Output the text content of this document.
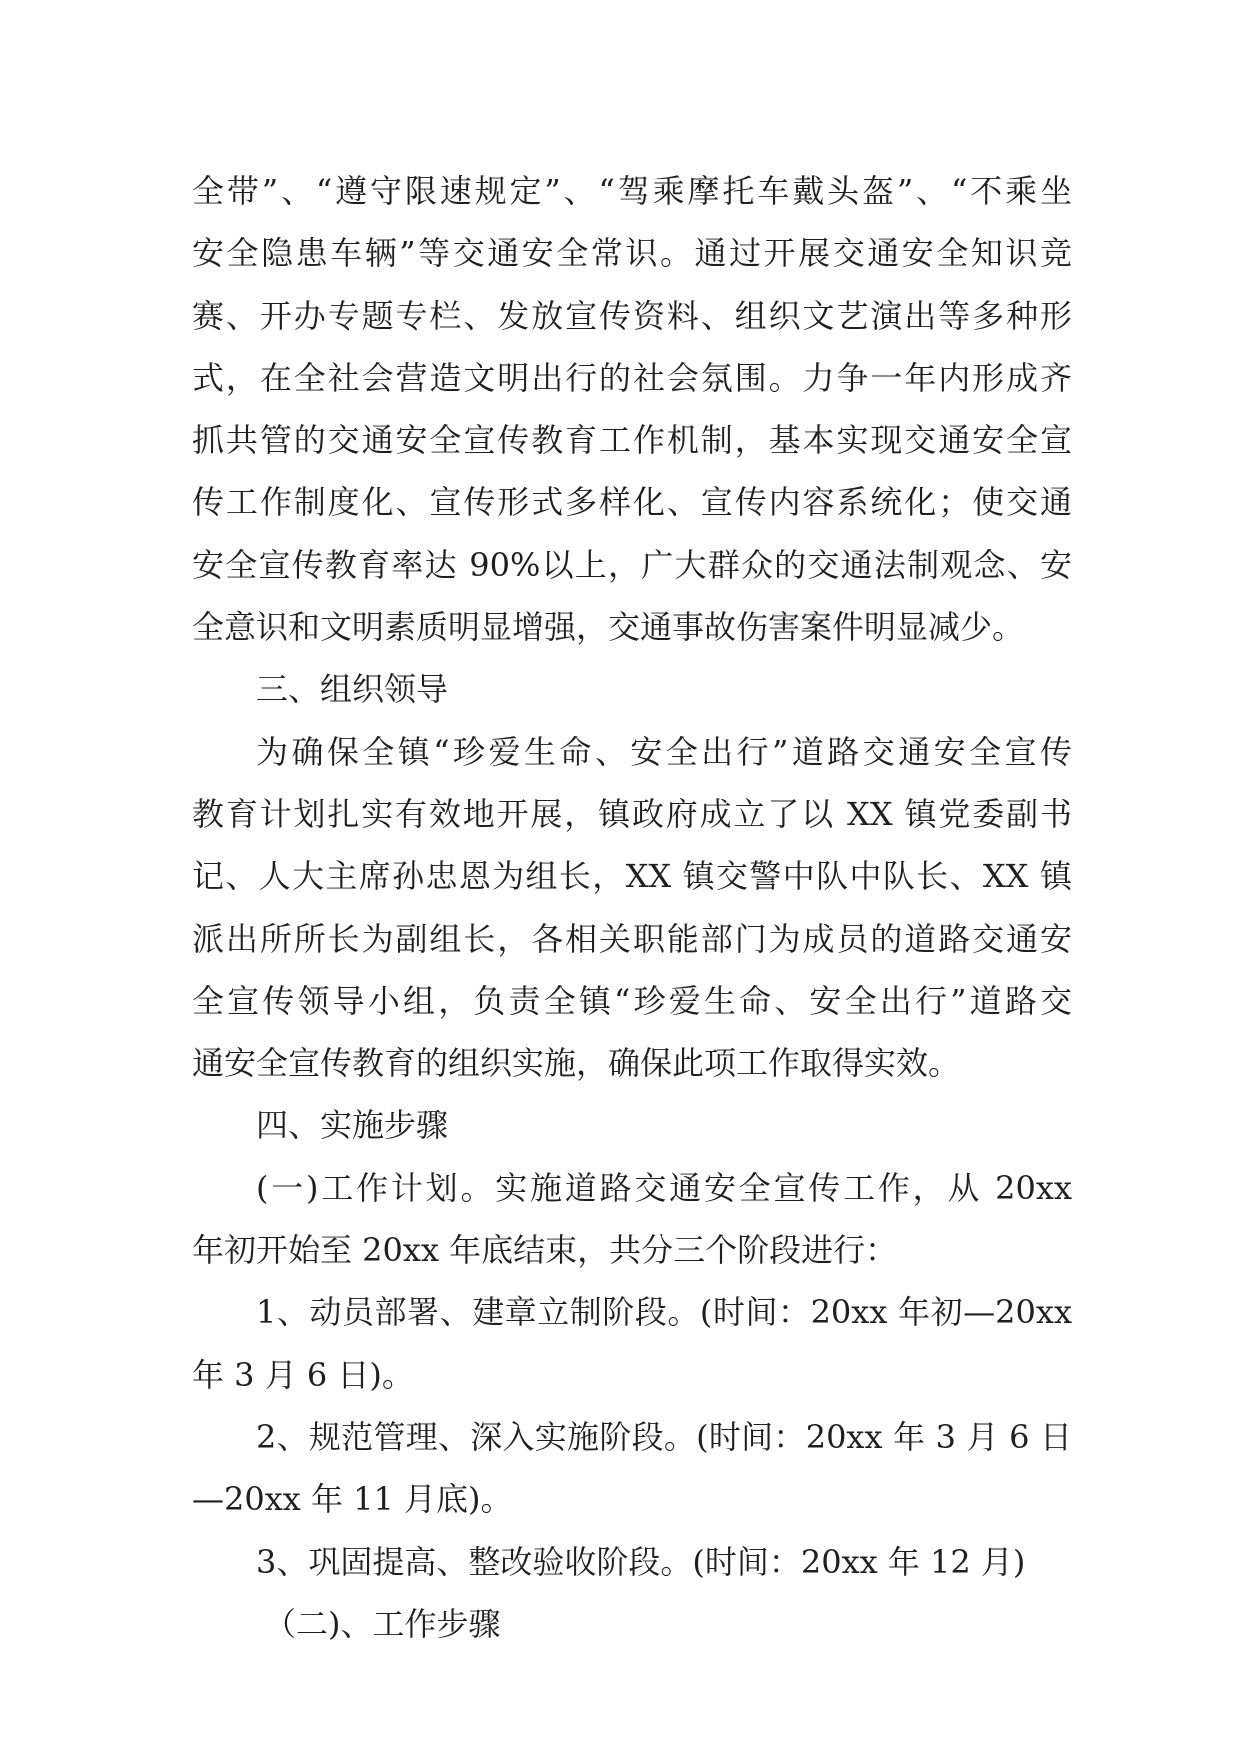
全带”、“遵守限速规定”、“驾乘摩托车戴头盔”、“不乘坐
安全隐患车辆”等交通安全常识。通过开展交通安全知识竞
赛、开办专题专栏、发放宣传资料、组织文艺演出等多种形
式，在全社会营造文明出行的社会氛围。力争一年内形成齐
抓共管的交通安全宣传教育工作机制，基本实现交通安全宣
传工作制度化、宣传形式多样化、宣传内容系统化；使交通
安全宣传教育率达 90%以上，广大群众的交通法制观念、安
全意识和文明素质明显增强，交通事故伤害案件明显减少。
三、组织领导
为确保全镇“珍爱生命、安全出行”道路交通安全宣传
教育计划扎实有效地开展，镇政府成立了以 XX 镇党委副书
记、人大主席孙忠恩为组长，XX 镇交警中队中队长、XX 镇
派出所所长为副组长，各相关职能部门为成员的道路交通安
全宣传领导小组，负责全镇“珍爱生命、安全出行”道路交
通安全宣传教育的组织实施，确保此项工作取得实效。
四、实施步骤
(一)工作计划。实施道路交通安全宣传工作，从 20xx
年初开始至 20xx 年底结束，共分三个阶段进行：
1、动员部署、建章立制阶段。(时间：20xx 年初—20xx
年 3 月 6 日)。
2、规范管理、深入实施阶段。(时间：20xx 年 3 月 6 日
—20xx 年 11 月底)。
3、巩固提高、整改验收阶段。(时间：20xx 年 12 月)
（二)、工作步骤
